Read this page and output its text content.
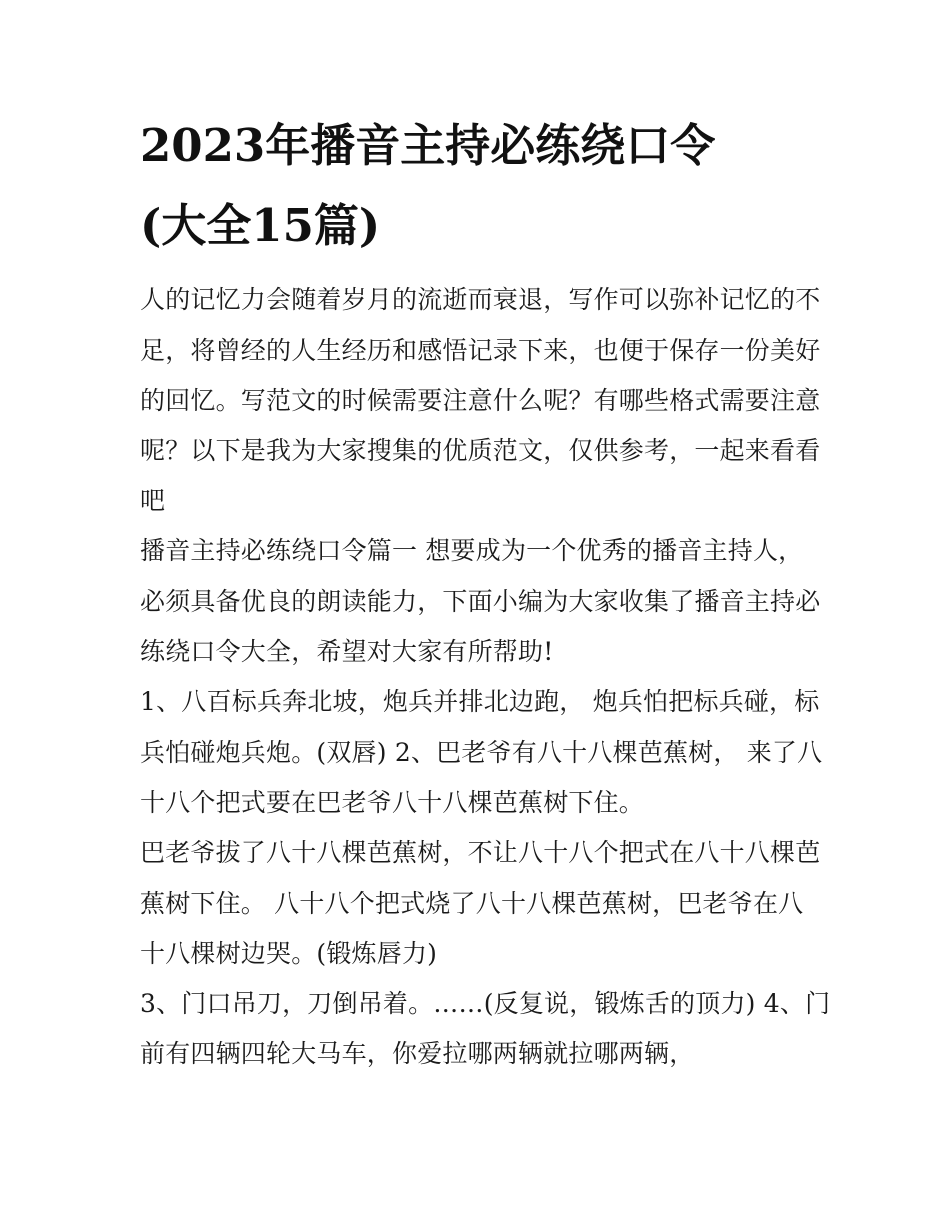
2023年播音主持必练绕口令
(大全15篇)

人的记忆力会随着岁月的流逝而衰退，写作可以弥补记忆的不

足，将曾经的人生经历和感悟记录下来，也便于保存一份美好

的回忆。写范文的时候需要注意什么呢？有哪些格式需要注意

呢？以下是我为大家搜集的优质范文，仅供参考，一起来看看

吧

播音主持必练绕口令篇一 想要成为一个优秀的播音主持人，

必须具备优良的朗读能力，下面小编为大家收集了播音主持必

练绕口令大全，希望对大家有所帮助!

1、八百标兵奔北坡，炮兵并排北边跑， 炮兵怕把标兵碰，标

兵怕碰炮兵炮。(双唇) 2、巴老爷有八十八棵芭蕉树， 来了八

十八个把式要在巴老爷八十八棵芭蕉树下住。

巴老爷拔了八十八棵芭蕉树，不让八十八个把式在八十八棵芭

蕉树下住。 八十八个把式烧了八十八棵芭蕉树，巴老爷在八

十八棵树边哭。(锻炼唇力)

3、门口吊刀，刀倒吊着。……(反复说，锻炼舌的顶力) 4、门

前有四辆四轮大马车，你爱拉哪两辆就拉哪两辆，
